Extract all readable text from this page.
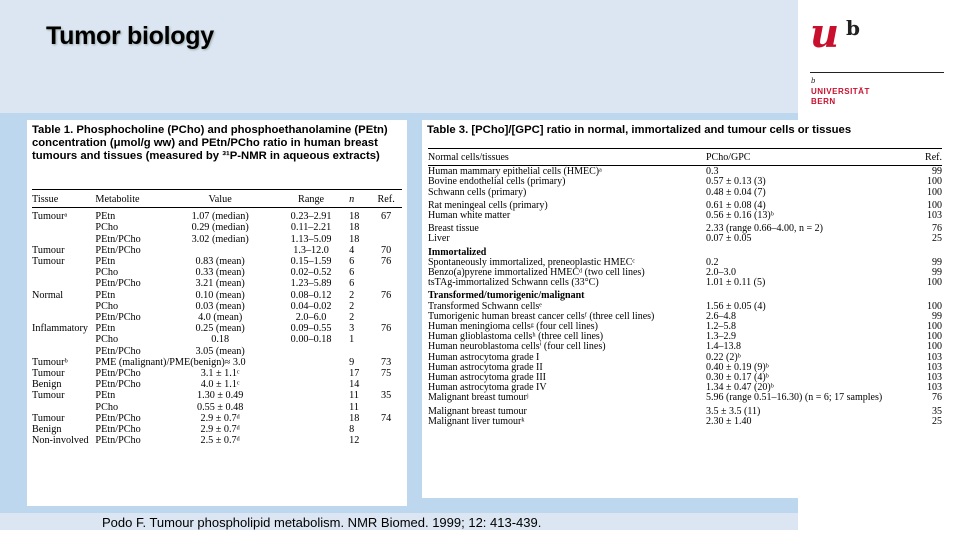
Tumor biology	u b
b
UNIVERSITÄT
BERN
Podo F. Tumour phospholipid metabolism. NMR Biomed. 1999; 12: 413-439.
Table 1. Phosphocholine (PCho) and phosphoethanolamine (PEtn) concentration (μmol/g ww) and PEtn/PCho ratio in human breast tumours and tissues (measured by ³¹P-NMR in aqueous extracts)
Tissue	Metabolite	Value	Range	n	Ref.

Tumourᵃ	PEtn	1.07 (median)	0.23–2.91	18	67
	PCho	0.29 (median)	0.11–2.21	18	
	PEtn/PCho	3.02 (median)	1.13–5.09	18	
Tumour	PEtn/PCho		1.3–12.0	4	70
Tumour	PEtn	0.83 (mean)	0.15–1.59	6	76
	PCho	0.33 (mean)	0.02–0.52	6	
	PEtn/PCho	3.21 (mean)	1.23–5.89	6	
Normal	PEtn	0.10 (mean)	0.08–0.12	2	76
	PCho	0.03 (mean)	0.04–0.02	2	
	PEtn/PCho	4.0 (mean)	2.0–6.0	2	
Inflammatory	PEtn	0.25 (mean)	0.09–0.55	3	76
	PCho	0.18	0.00–0.18	1	
	PEtn/PCho	3.05 (mean)			
Tumourᵇ	PME (malignant)/PME(benign)≈ 3.0			9	73
Tumour	PEtn/PCho	3.1 ± 1.1ᶜ		17	75
Benign	PEtn/PCho	4.0 ± 1.1ᶜ		14	
Tumour	PEtn	1.30 ± 0.49		11	35
	PCho	0.55 ± 0.48		11	
Tumour	PEtn/PCho	2.9 ± 0.7ᵈ		18	74
Benign	PEtn/PCho	2.9 ± 0.7ᵈ		8	
Non-involved	PEtn/PCho	2.5 ± 0.7ᵈ		12	
Table 3. [PCho]/[GPC] ratio in normal, immortalized and tumour cells or tissues
Normal cells/tissues	PCho/GPC	Ref.

Human mammary epithelial cells (HMEC)ᵃ	0.3	99
Bovine endothelial cells (primary)	0.57 ± 0.13 (3)	100
Schwann cells (primary)	0.48 ± 0.04 (7)	100
Rat meningeal cells (primary)	0.61 ± 0.08 (4)	100
Human white matter	0.56 ± 0.16 (13)ᵇ	103
Breast tissue	2.33 (range 0.66–4.00, n = 2)	76
Liver	0.07 ± 0.05	25
Immortalized		
Spontaneously immortalized, preneoplastic HMECᶜ	0.2	99
Benzo(a)pyrene immortalized HMECᵈ (two cell lines)	2.0–3.0	99
tsTAg-immortalized Schwann cells (33°C)	1.01 ± 0.11 (5)	100
Transformed/tumorigenic/malignant		
Transformed Schwann cellsᵉ	1.56 ± 0.05 (4)	100
Tumorigenic human breast cancer cellsᶠ (three cell lines)	2.6–4.8	99
Human meningioma cellsᵍ (four cell lines)	1.2–5.8	100
Human glioblastoma cellsʰ (three cell lines)	1.3–2.9	100
Human neuroblastoma cellsⁱ (four cell lines)	1.4–13.8	100
Human astrocytoma grade I	0.22 (2)ᵇ	103
Human astrocytoma grade II	0.40 ± 0.19 (9)ᵇ	103
Human astrocytoma grade III	0.30 ± 0.17 (4)ᵇ	103
Human astrocytoma grade IV	1.34 ± 0.47 (20)ᵇ	103
Malignant breast tumourʲ	5.96 (range 0.51–16.30) (n = 6; 17 samples)	76
Malignant breast tumour	3.5 ± 3.5 (11)	35
Malignant liver tumourᵏ	2.30 ± 1.40	25
